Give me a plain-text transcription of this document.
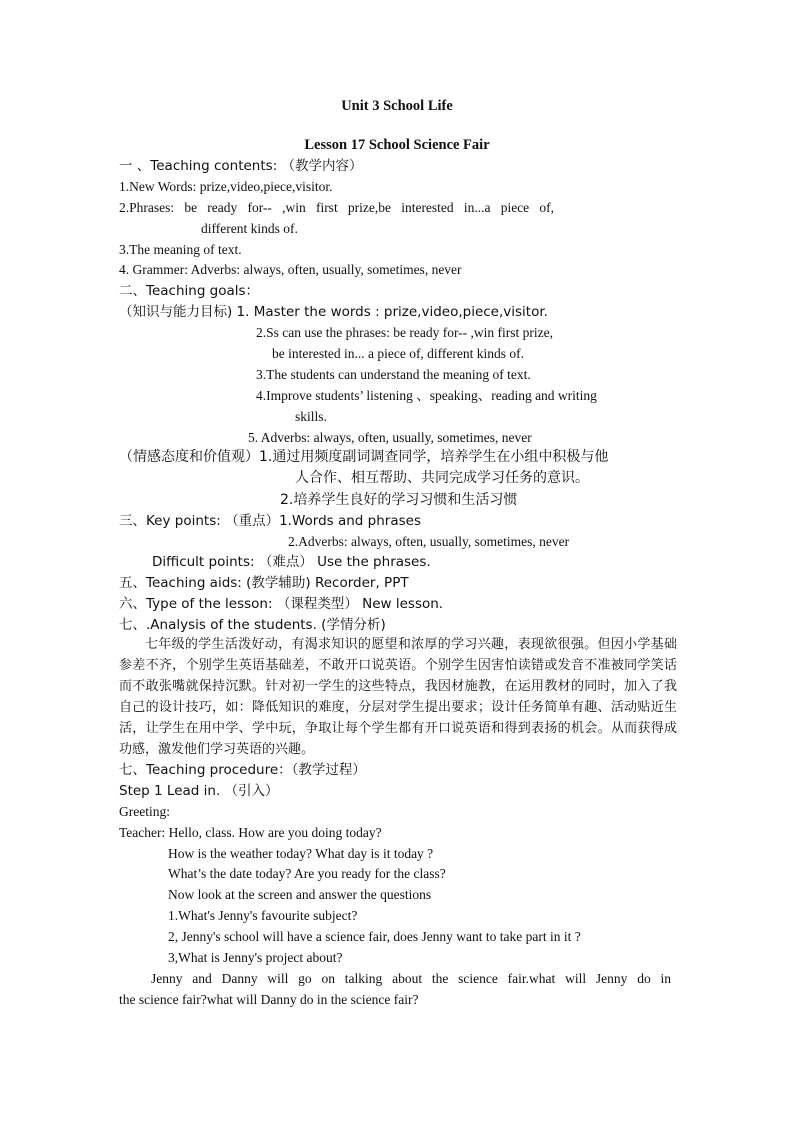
Unit 3 School Life
Lesson 17 School Science Fair
一 、Teaching contents: （教学内容）
1.New Words: prize,video,piece,visitor.
2.Phrases: be ready for-- ,win first prize,be interested in...a piece of,
different kinds of.
3.The meaning of text.
4. Grammer: Adverbs: always, often, usually, sometimes, never
二、Teaching goals：
（知识与能力目标) 1. Master the words : prize,video,piece,visitor.
2.Ss can use the phrases: be ready for-- ,win first prize,
be interested in... a piece of, different kinds of.
3.The students can understand the meaning of text.
4.Improve students’ listening 、speaking、reading and writing
skills.
5. Adverbs: always, often, usually, sometimes, never
（情感态度和价值观）1.通过用频度副词调查同学，培养学生在小组中积极与他
人合作、相互帮助、共同完成学习任务的意识。
2.培养学生良好的学习习惯和生活习惯
三、Key points: （重点）1.Words and phrases
2.Adverbs: always, often, usually, sometimes, never
Difficult points: （难点） Use the phrases.
五、Teaching aids: (教学辅助) Recorder, PPT
六、Type of the lesson: （课程类型） New lesson.
七、.Analysis of the students. (学情分析)
七年级的学生活泼好动，有渴求知识的愿望和浓厚的学习兴趣，表现欲很强。但因小学基础参差不齐，个别学生英语基础差，不敢开口说英语。个别学生因害怕读错或发音不准被同学笑话而不敢张嘴就保持沉默。针对初一学生的这些特点，我因材施教，在运用教材的同时，加入了我自己的设计技巧，如：降低知识的难度，分层对学生提出要求；设计任务简单有趣、活动贴近生活，让学生在用中学、学中玩，争取让每个学生都有开口说英语和得到表扬的机会。从而获得成功感，激发他们学习英语的兴趣。
七、Teaching procedure：（教学过程）
Step 1 Lead in. （引入）
Greeting:
Teacher: Hello, class. How are you doing today?
How is the weather today? What day is it today ?
What’s the date today? Are you ready for the class?
Now look at the screen and answer the questions
1.What's Jenny's favourite subject?
2, Jenny's school will have a science fair, does Jenny want to take part in it ?
3,What is Jenny's project about?
Jenny and Danny will go on talking about the science fair.what will Jenny do in
the science fair?what will Danny do in the science fair?
